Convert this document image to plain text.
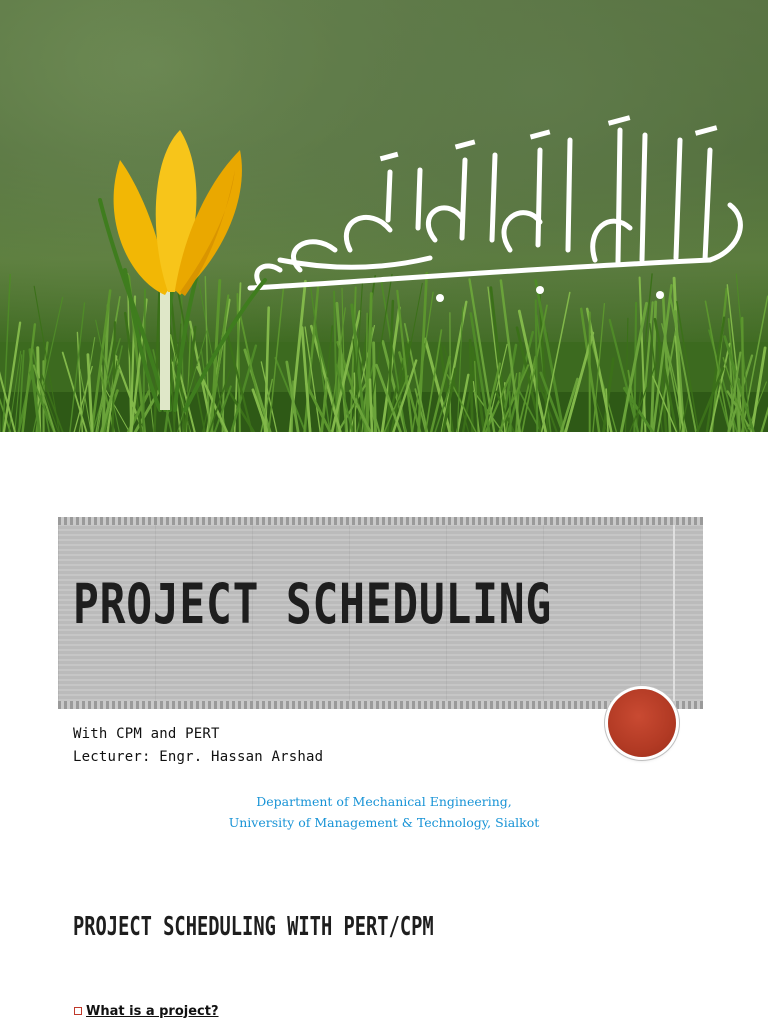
PROJECT SCHEDULING
With CPM and PERT
Lecturer: Engr. Hassan Arshad
Department of Mechanical Engineering,
University of Management & Technology, Sialkot
PROJECT SCHEDULING WITH PERT/CPM
What is a project?
